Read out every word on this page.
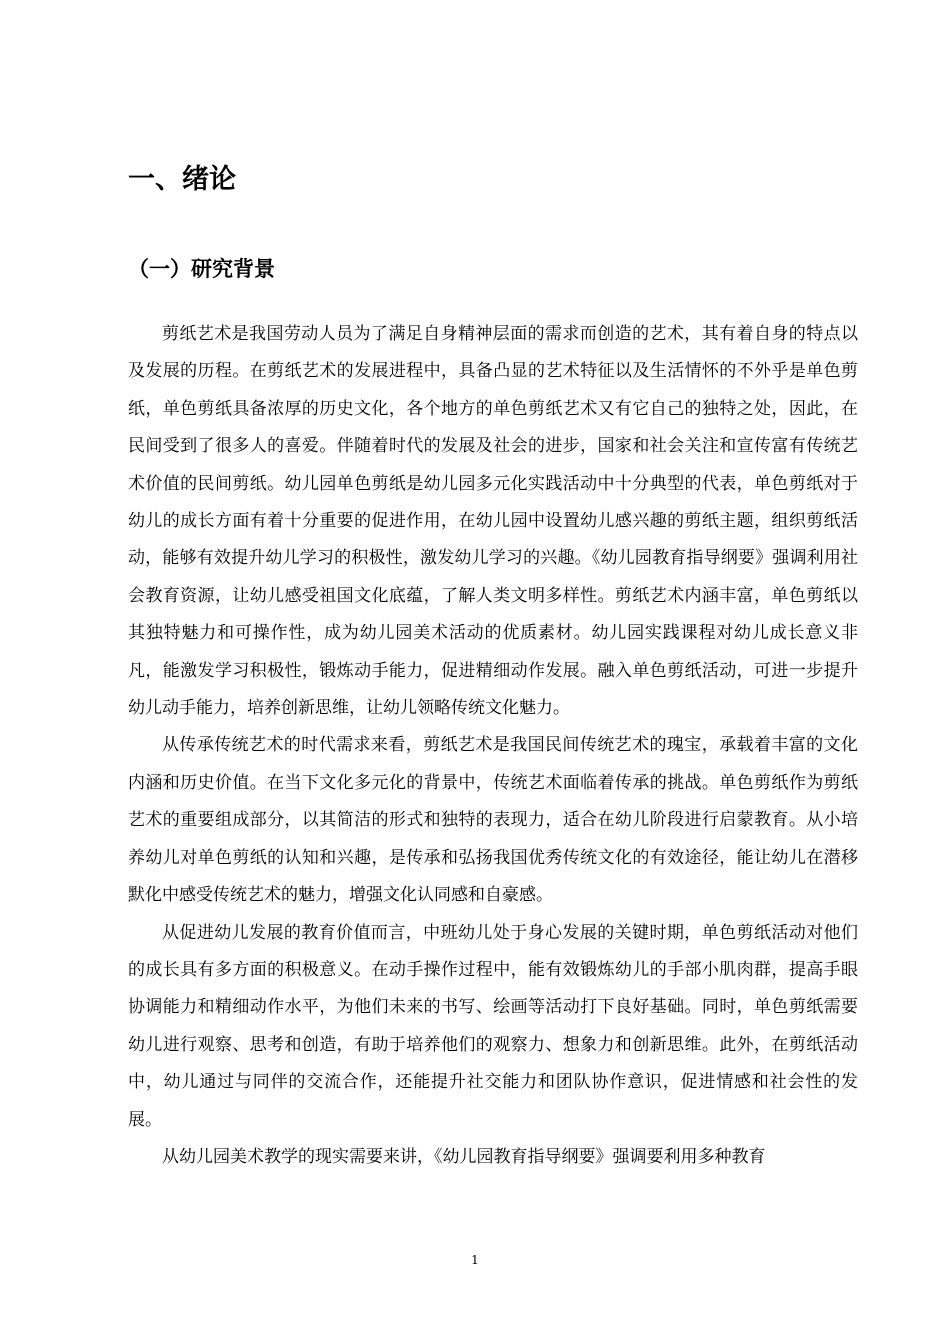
一、绪论
（一）研究背景

剪纸艺术是我国劳动人员为了满足自身精神层面的需求而创造的艺术，其有着自身的特点以及发展的历程。在剪纸艺术的发展进程中，具备凸显的艺术特征以及生活情怀的不外乎是单色剪纸，单色剪纸具备浓厚的历史文化，各个地方的单色剪纸艺术又有它自己的独特之处，因此，在民间受到了很多人的喜爱。伴随着时代的发展及社会的进步，国家和社会关注和宣传富有传统艺术价值的民间剪纸。幼儿园单色剪纸是幼儿园多元化实践活动中十分典型的代表，单色剪纸对于幼儿的成长方面有着十分重要的促进作用，在幼儿园中设置幼儿感兴趣的剪纸主题，组织剪纸活动，能够有效提升幼儿学习的积极性，激发幼儿学习的兴趣。《幼儿园教育指导纲要》强调利用社会教育资源，让幼儿感受祖国文化底蕴，了解人类文明多样性。剪纸艺术内涵丰富，单色剪纸以其独特魅力和可操作性，成为幼儿园美术活动的优质素材。幼儿园实践课程对幼儿成长意义非凡，能激发学习积极性，锻炼动手能力，促进精细动作发展。融入单色剪纸活动，可进一步提升幼儿动手能力，培养创新思维，让幼儿领略传统文化魅力。

从传承传统艺术的时代需求来看，剪纸艺术是我国民间传统艺术的瑰宝，承载着丰富的文化内涵和历史价值。在当下文化多元化的背景中，传统艺术面临着传承的挑战。单色剪纸作为剪纸艺术的重要组成部分，以其简洁的形式和独特的表现力，适合在幼儿阶段进行启蒙教育。从小培养幼儿对单色剪纸的认知和兴趣，是传承和弘扬我国优秀传统文化的有效途径，能让幼儿在潜移默化中感受传统艺术的魅力，增强文化认同感和自豪感。

从促进幼儿发展的教育价值而言，中班幼儿处于身心发展的关键时期，单色剪纸活动对他们的成长具有多方面的积极意义。在动手操作过程中，能有效锻炼幼儿的手部小肌肉群，提高手眼协调能力和精细动作水平，为他们未来的书写、绘画等活动打下良好基础。同时，单色剪纸需要幼儿进行观察、思考和创造，有助于培养他们的观察力、想象力和创新思维。此外，在剪纸活动中，幼儿通过与同伴的交流合作，还能提升社交能力和团队协作意识，促进情感和社会性的发展。

从幼儿园美术教学的现实需要来讲，《幼儿园教育指导纲要》强调要利用多种教育

1
